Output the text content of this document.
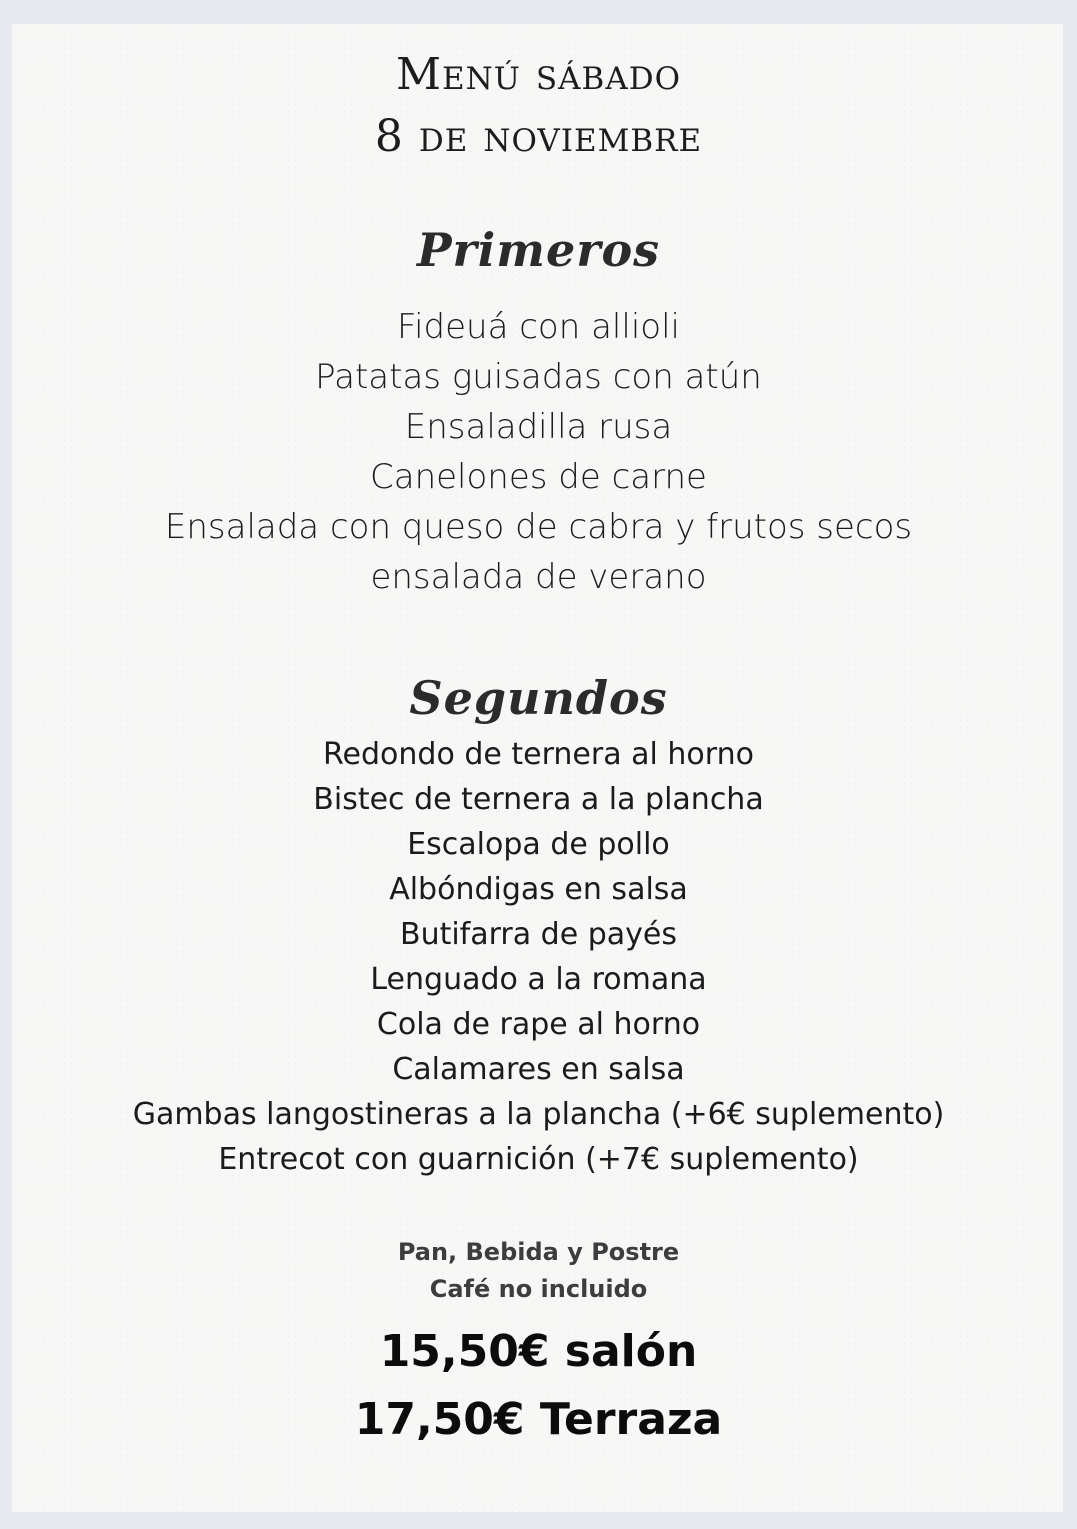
Menú sábado
8 de noviembre
Primeros
Fideuá con allioli
Patatas guisadas con atún
Ensaladilla rusa
Canelones de carne
Ensalada con queso de cabra y frutos secos
ensalada de verano
Segundos
Redondo de ternera al horno
Bistec de ternera a la plancha
Escalopa de pollo
Albóndigas en salsa
Butifarra de payés
Lenguado a la romana
Cola de rape al horno
Calamares en salsa
Gambas langostineras a la plancha (+6€ suplemento)
Entrecot con guarnición (+7€ suplemento)
Pan, Bebida y Postre
Café no incluido
15,50€ salón
17,50€ Terraza
